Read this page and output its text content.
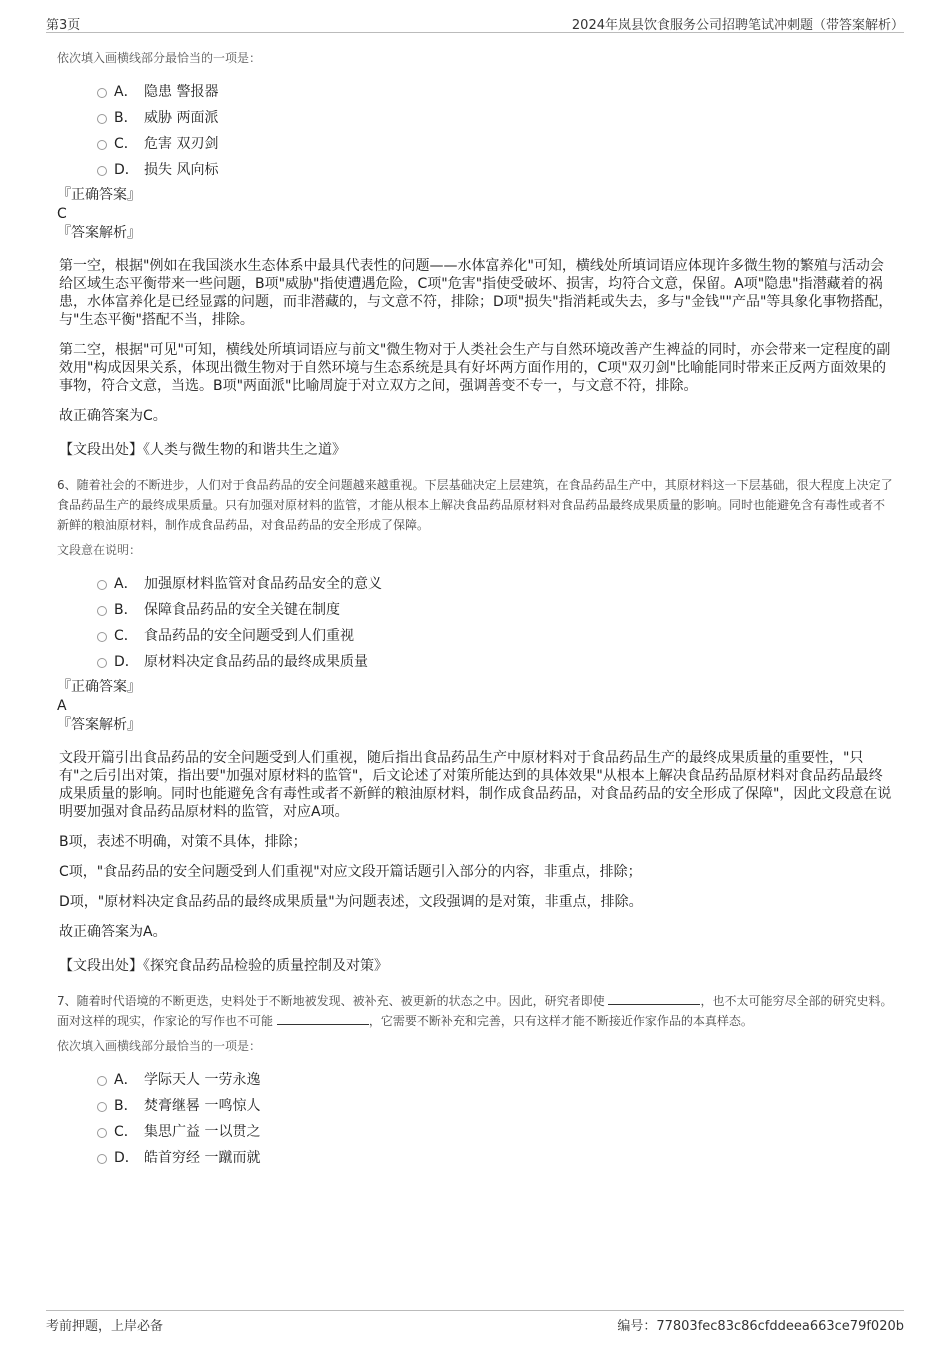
第3页	2024年岚县饮食服务公司招聘笔试冲刺题（带答案解析）
依次填入画横线部分最恰当的一项是：
A． 隐患 警报器
B． 威胁 两面派
C． 危害 双刃剑
D． 损失 风向标
『正确答案』
C
『答案解析』
第一空，根据"例如在我国淡水生态体系中最具代表性的问题——水体富养化"可知，横线处所填词语应体现许多微生物的繁殖与活动会给区域生态平衡带来一些问题，B项"威胁"指使遭遇危险，C项"危害"指使受破坏、损害，均符合文意，保留。A项"隐患"指潜藏着的祸患，水体富养化是已经显露的问题，而非潜藏的，与文意不符，排除；D项"损失"指消耗或失去，多与"金钱""产品"等具象化事物搭配，与"生态平衡"搭配不当，排除。
第二空，根据"可见"可知，横线处所填词语应与前文"微生物对于人类社会生产与自然环境改善产生裨益的同时，亦会带来一定程度的副效用"构成因果关系，体现出微生物对于自然环境与生态系统是具有好坏两方面作用的，C项"双刃剑"比喻能同时带来正反两方面效果的事物，符合文意，当选。B项"两面派"比喻周旋于对立双方之间，强调善变不专一，与文意不符，排除。
故正确答案为C。
【文段出处】《人类与微生物的和谐共生之道》
6、随着社会的不断进步，人们对于食品药品的安全问题越来越重视。下层基础决定上层建筑，在食品药品生产中，其原材料这一下层基础，很大程度上决定了食品药品生产的最终成果质量。只有加强对原材料的监管，才能从根本上解决食品药品原材料对食品药品最终成果质量的影响。同时也能避免含有毒性或者不新鲜的粮油原材料，制作成食品药品，对食品药品的安全形成了保障。
文段意在说明：
A． 加强原材料监管对食品药品安全的意义
B． 保障食品药品的安全关键在制度
C． 食品药品的安全问题受到人们重视
D． 原材料决定食品药品的最终成果质量
『正确答案』
A
『答案解析』
文段开篇引出食品药品的安全问题受到人们重视，随后指出食品药品生产中原材料对于食品药品生产的最终成果质量的重要性，"只有"之后引出对策，指出要"加强对原材料的监管"，后文论述了对策所能达到的具体效果"从根本上解决食品药品原材料对食品药品最终成果质量的影响。同时也能避免含有毒性或者不新鲜的粮油原材料，制作成食品药品，对食品药品的安全形成了保障"，因此文段意在说明要加强对食品药品原材料的监管，对应A项。
B项，表述不明确，对策不具体，排除；
C项，"食品药品的安全问题受到人们重视"对应文段开篇话题引入部分的内容，非重点，排除；
D项，"原材料决定食品药品的最终成果质量"为问题表述，文段强调的是对策，非重点，排除。
故正确答案为A。
【文段出处】《探究食品药品检验的质量控制及对策》
7、随着时代语境的不断更迭，史料处于不断地被发现、被补充、被更新的状态之中。因此，研究者即使	，也不太可能穷尽全部的研究史料。面对这样的现实，作家论的写作也不可能	，它需要不断补充和完善，只有这样才能不断接近作家作品的本真样态。
依次填入画横线部分最恰当的一项是：
A． 学际天人 一劳永逸
B． 焚膏继晷 一鸣惊人
C． 集思广益 一以贯之
D． 皓首穷经 一蹴而就
考前押题，上岸必备	编号：77803fec83c86cfddeea663ce79f020b
